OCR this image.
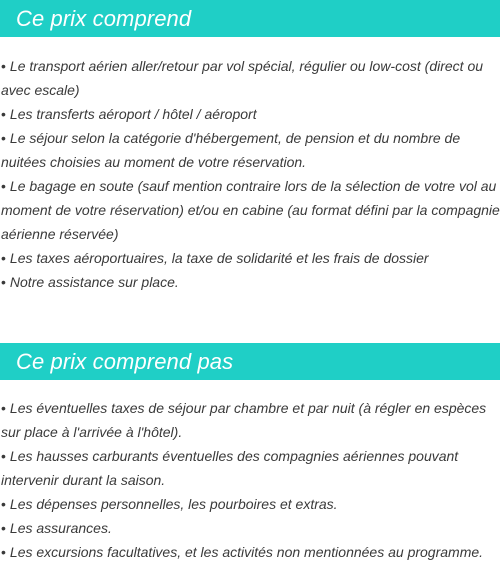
Ce prix comprend
• Le transport aérien aller/retour par vol spécial, régulier ou low-cost (direct ou avec escale)
• Les transferts aéroport / hôtel / aéroport
• Le séjour selon la catégorie d'hébergement, de pension et du nombre de nuitées choisies au moment de votre réservation.
• Le bagage en soute (sauf mention contraire lors de la sélection de votre vol au moment de votre réservation) et/ou en cabine (au format défini par la compagnie aérienne réservée)
• Les taxes aéroportuaires, la taxe de solidarité et les frais de dossier
• Notre assistance sur place.
Ce prix comprend pas
• Les éventuelles taxes de séjour par chambre et par nuit (à régler en espèces sur place à l'arrivée à l'hôtel).
• Les hausses carburants éventuelles des compagnies aériennes pouvant intervenir durant la saison.
• Les dépenses personnelles, les pourboires et extras.
• Les assurances.
• Les excursions facultatives, et les activités non mentionnées au programme.
